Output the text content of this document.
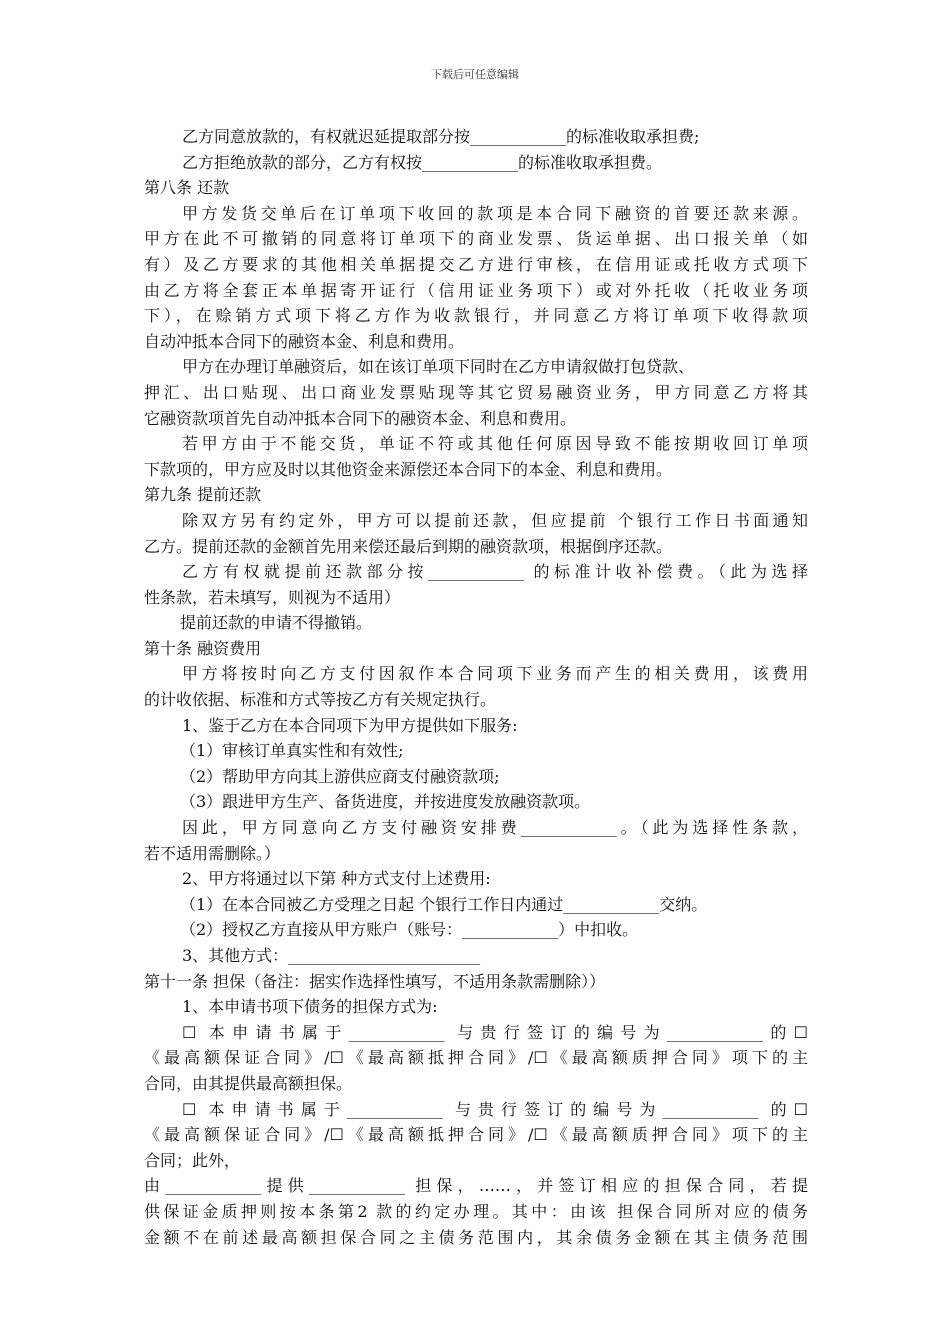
下载后可任意编辑
乙方同意放款的，有权就迟延提取部分按____________的标准收取承担费;
乙方拒绝放款的部分，乙方有权按____________的标准收取承担费。
第八条 还款
甲方发货交单后在订单项下收回的款项是本合同下融资的首要还款来源。
甲方在此不可撤销的同意将订单项下的商业发票、货运单据、出口报关单（如
有）及乙方要求的其他相关单据提交乙方进行审核，在信用证或托收方式项下
由乙方将全套正本单据寄开证行（信用证业务项下）或对外托收（托收业务项
下），在赊销方式项下将乙方作为收款银行，并同意乙方将订单项下收得款项
自动冲抵本合同下的融资本金、利息和费用。
甲方在办理订单融资后，如在该订单项下同时在乙方申请叙做打包贷款、
押汇、出口贴现、出口商业发票贴现等其它贸易融资业务，甲方同意乙方将其
它融资款项首先自动冲抵本合同下的融资本金、利息和费用。
若甲方由于不能交货，单证不符或其他任何原因导致不能按期收回订单项
下款项的，甲方应及时以其他资金来源偿还本合同下的本金、利息和费用。
第九条 提前还款
除双方另有约定外，甲方可以提前还款，但应提前 个银行工作日书面通知
乙方。提前还款的金额首先用来偿还最后到期的融资款项，根据倒序还款。
乙方有权就提前还款部分按____________ 的标准计收补偿费。（此为选择
性条款，若未填写，则视为不适用）
提前还款的申请不得撤销。
第十条 融资费用
甲方将按时向乙方支付因叙作本合同项下业务而产生的相关费用，该费用
的计收依据、标准和方式等按乙方有关规定执行。
1、鉴于乙方在本合同项下为甲方提供如下服务:
（1）审核订单真实性和有效性;
（2）帮助甲方向其上游供应商支付融资款项;
（3）跟进甲方生产、备货进度，并按进度发放融资款项。
因此，甲方同意向乙方支付融资安排费____________。（此为选择性条款，
若不适用需删除。）
2、甲方将通过以下第 种方式支付上述费用:
（1）在本合同被乙方受理之日起 个银行工作日内通过____________交纳。
（2）授权乙方直接从甲方账户（账号：____________）中扣收。
3、其他方式：________________________
第十一条 担保（备注：据实作选择性填写，不适用条款需删除））
1、本申请书项下债务的担保方式为:
☐ 本申请书属于____________ 与贵行签订的编号为____________的☐
《最高额保证合同》/☐《最高额抵押合同》/☐《最高额质押合同》项下的主
合同，由其提供最高额担保。
☐ 本申请书属于____________ 与贵行签订的编号为____________ 的☐
《最高额保证合同》/☐《最高额抵押合同》/☐《最高额质押合同》项下的主
合同；此外，
由____________提供____________ 担保，……，并签订相应的担保合同，若提
供保证金质押则按本条第2 款的约定办理。其中：由该 担保合同所对应的债务
金额不在前述最高额担保合同之主债务范围内，其余债务金额在其主债务范围
